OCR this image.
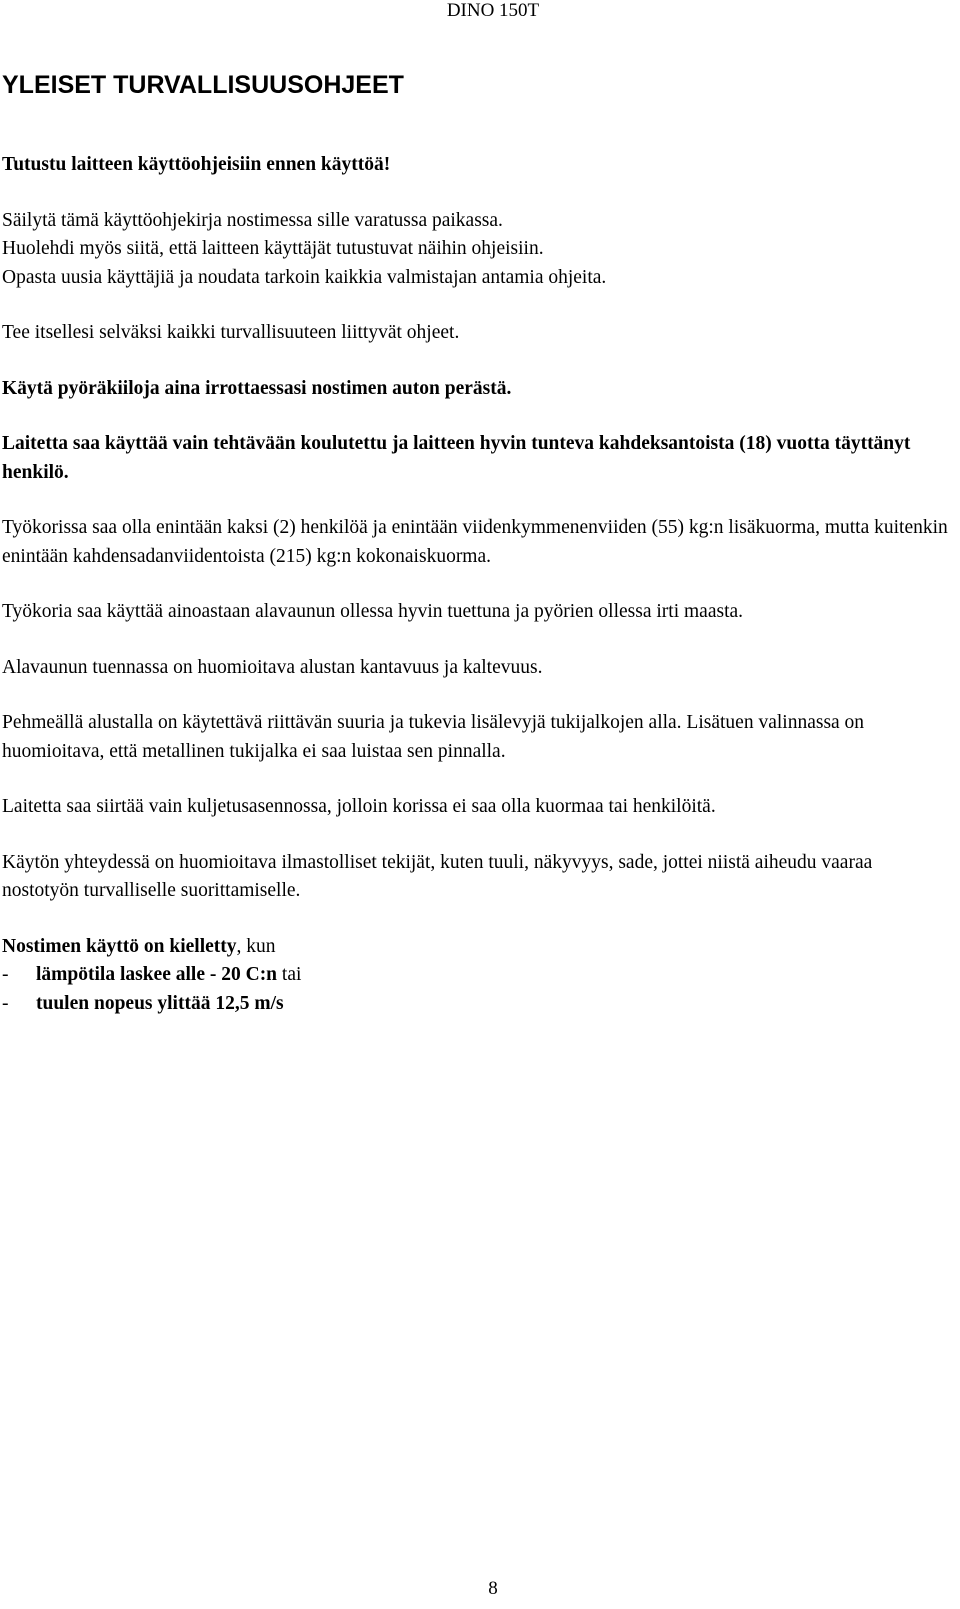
DINO 150T
YLEISET TURVALLISUUSOHJEET

Tutustu laitteen käyttöohjeisiin ennen käyttöä!

Säilytä tämä käyttöohjekirja nostimessa sille varatussa paikassa.
Huolehdi myös siitä, että laitteen käyttäjät tutustuvat näihin ohjeisiin.
Opasta uusia käyttäjiä ja noudata tarkoin kaikkia valmistajan antamia ohjeita.

Tee itsellesi selväksi kaikki turvallisuuteen liittyvät ohjeet.

Käytä pyöräkiiloja aina irrottaessasi nostimen auton perästä.

Laitetta saa käyttää vain tehtävään koulutettu ja laitteen hyvin tunteva kahdeksantoista (18) vuotta täyttänyt henkilö.

Työkorissa saa olla enintään kaksi (2) henkilöä ja enintään viidenkymmenenviiden (55) kg:n lisäkuorma, mutta kuitenkin enintään kahdensadanviidentoista (215) kg:n kokonaiskuorma.

Työkoria saa käyttää ainoastaan alavaunun ollessa hyvin tuettuna ja pyörien ollessa irti maasta.

Alavaunun tuennassa on huomioitava alustan kantavuus ja kaltevuus.

Pehmeällä alustalla on käytettävä riittävän suuria ja tukevia lisälevyjä tukijalkojen alla. Lisätuen valinnassa on huomioitava, että metallinen tukijalka ei saa luistaa sen pinnalla.

Laitetta saa siirtää vain kuljetusasennossa, jolloin korissa ei saa olla kuormaa tai henkilöitä.

Käytön yhteydessä on huomioitava ilmastolliset tekijät, kuten tuuli, näkyvyys, sade, jottei niistä aiheudu vaaraa nostotyön turvalliselle suorittamiselle.

Nostimen käyttö on kielletty, kun

-	lämpötila laskee alle - 20 C:n tai
-	tuulen nopeus ylittää 12,5 m/s
8
